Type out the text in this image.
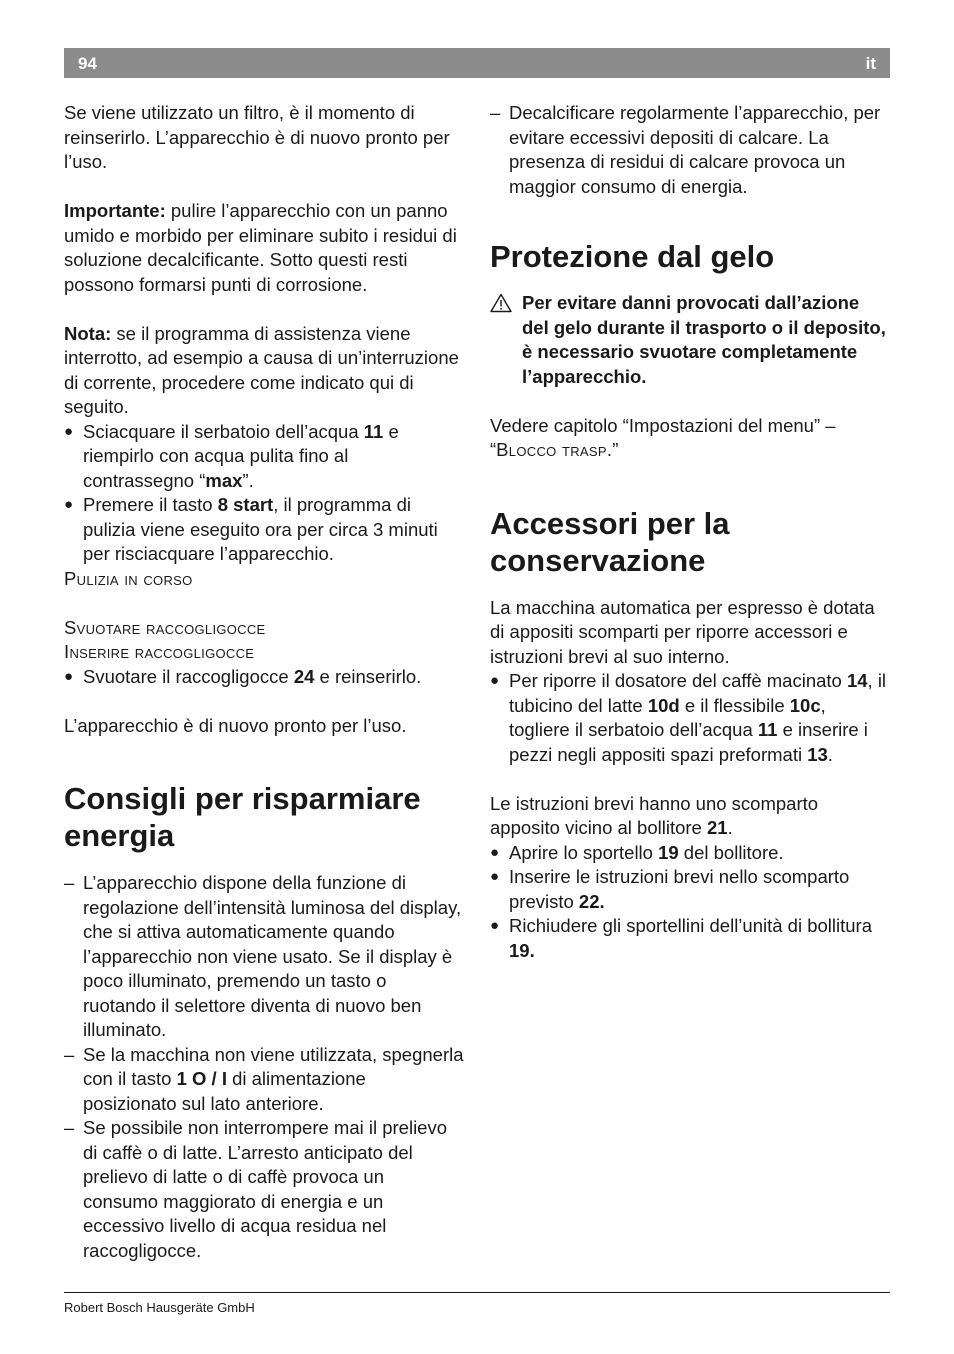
94	it

Se viene utilizzato un filtro, è il momento di reinserirlo. L’apparecchio è di nuovo pronto per l’uso.

Importante: pulire l’apparecchio con un panno umido e morbido per eliminare subito i residui di soluzione decalcificante. Sotto questi resti possono formarsi punti di corrosione.

Nota: se il programma di assistenza viene interrotto, ad esempio a causa di un’interruzione di corrente, procedere come indicato qui di seguito.

● Sciacquare il serbatoio dell’acqua 11 e riempirlo con acqua pulita fino al contrassegno “max”.
● Premere il tasto 8 start, il programma di pulizia viene eseguito ora per circa 3 minuti per risciacquare l’apparecchio.

Pulizia in corso

Svuotare raccogligocce

Inserire raccogligocce

● Svuotare il raccogligocce 24 e reinserirlo.

L’apparecchio è di nuovo pronto per l’uso.

Consigli per risparmiare energia
– L’apparecchio dispone della funzione di regolazione dell’intensità luminosa del display, che si attiva automaticamente quando l’apparecchio non viene usato. Se il display è poco illuminato, premendo un tasto o ruotando il selettore diventa di nuovo ben illuminato.
– Se la macchina non viene utilizzata, spegnerla con il tasto 1 O / I di alimentazione posizionato sul lato anteriore.
– Se possibile non interrompere mai il prelievo di caffè o di latte. L’arresto anticipato del prelievo di latte o di caffè provoca un consumo maggiorato di energia e un eccessivo livello di acqua residua nel raccogligocce.
– Decalcificare regolarmente l’apparecchio, per evitare eccessivi depositi di calcare. La presenza di residui di calcare provoca un maggior consumo di energia.
Protezione dal gelo
Per evitare danni provocati dall’azione del gelo durante il trasporto o il deposito, è necessario svuotare completamente l’apparecchio.

Vedere capitolo “Impostazioni del menu” – “Blocco trasp.”

Accessori per la conservazione

La macchina automatica per espresso è dotata di appositi scomparti per riporre accessori e istruzioni brevi al suo interno.

● Per riporre il dosatore del caffè macinato 14, il tubicino del latte 10d e il flessibile 10c, togliere il serbatoio dell’acqua 11 e inserire i pezzi negli appositi spazi preformati 13.

Le istruzioni brevi hanno uno scomparto apposito vicino al bollitore 21.

● Aprire lo sportello 19 del bollitore.
● Inserire le istruzioni brevi nello scomparto previsto 22.
● Richiudere gli sportellini dell’unità di bollitura 19.
Robert Bosch Hausgeräte GmbH
